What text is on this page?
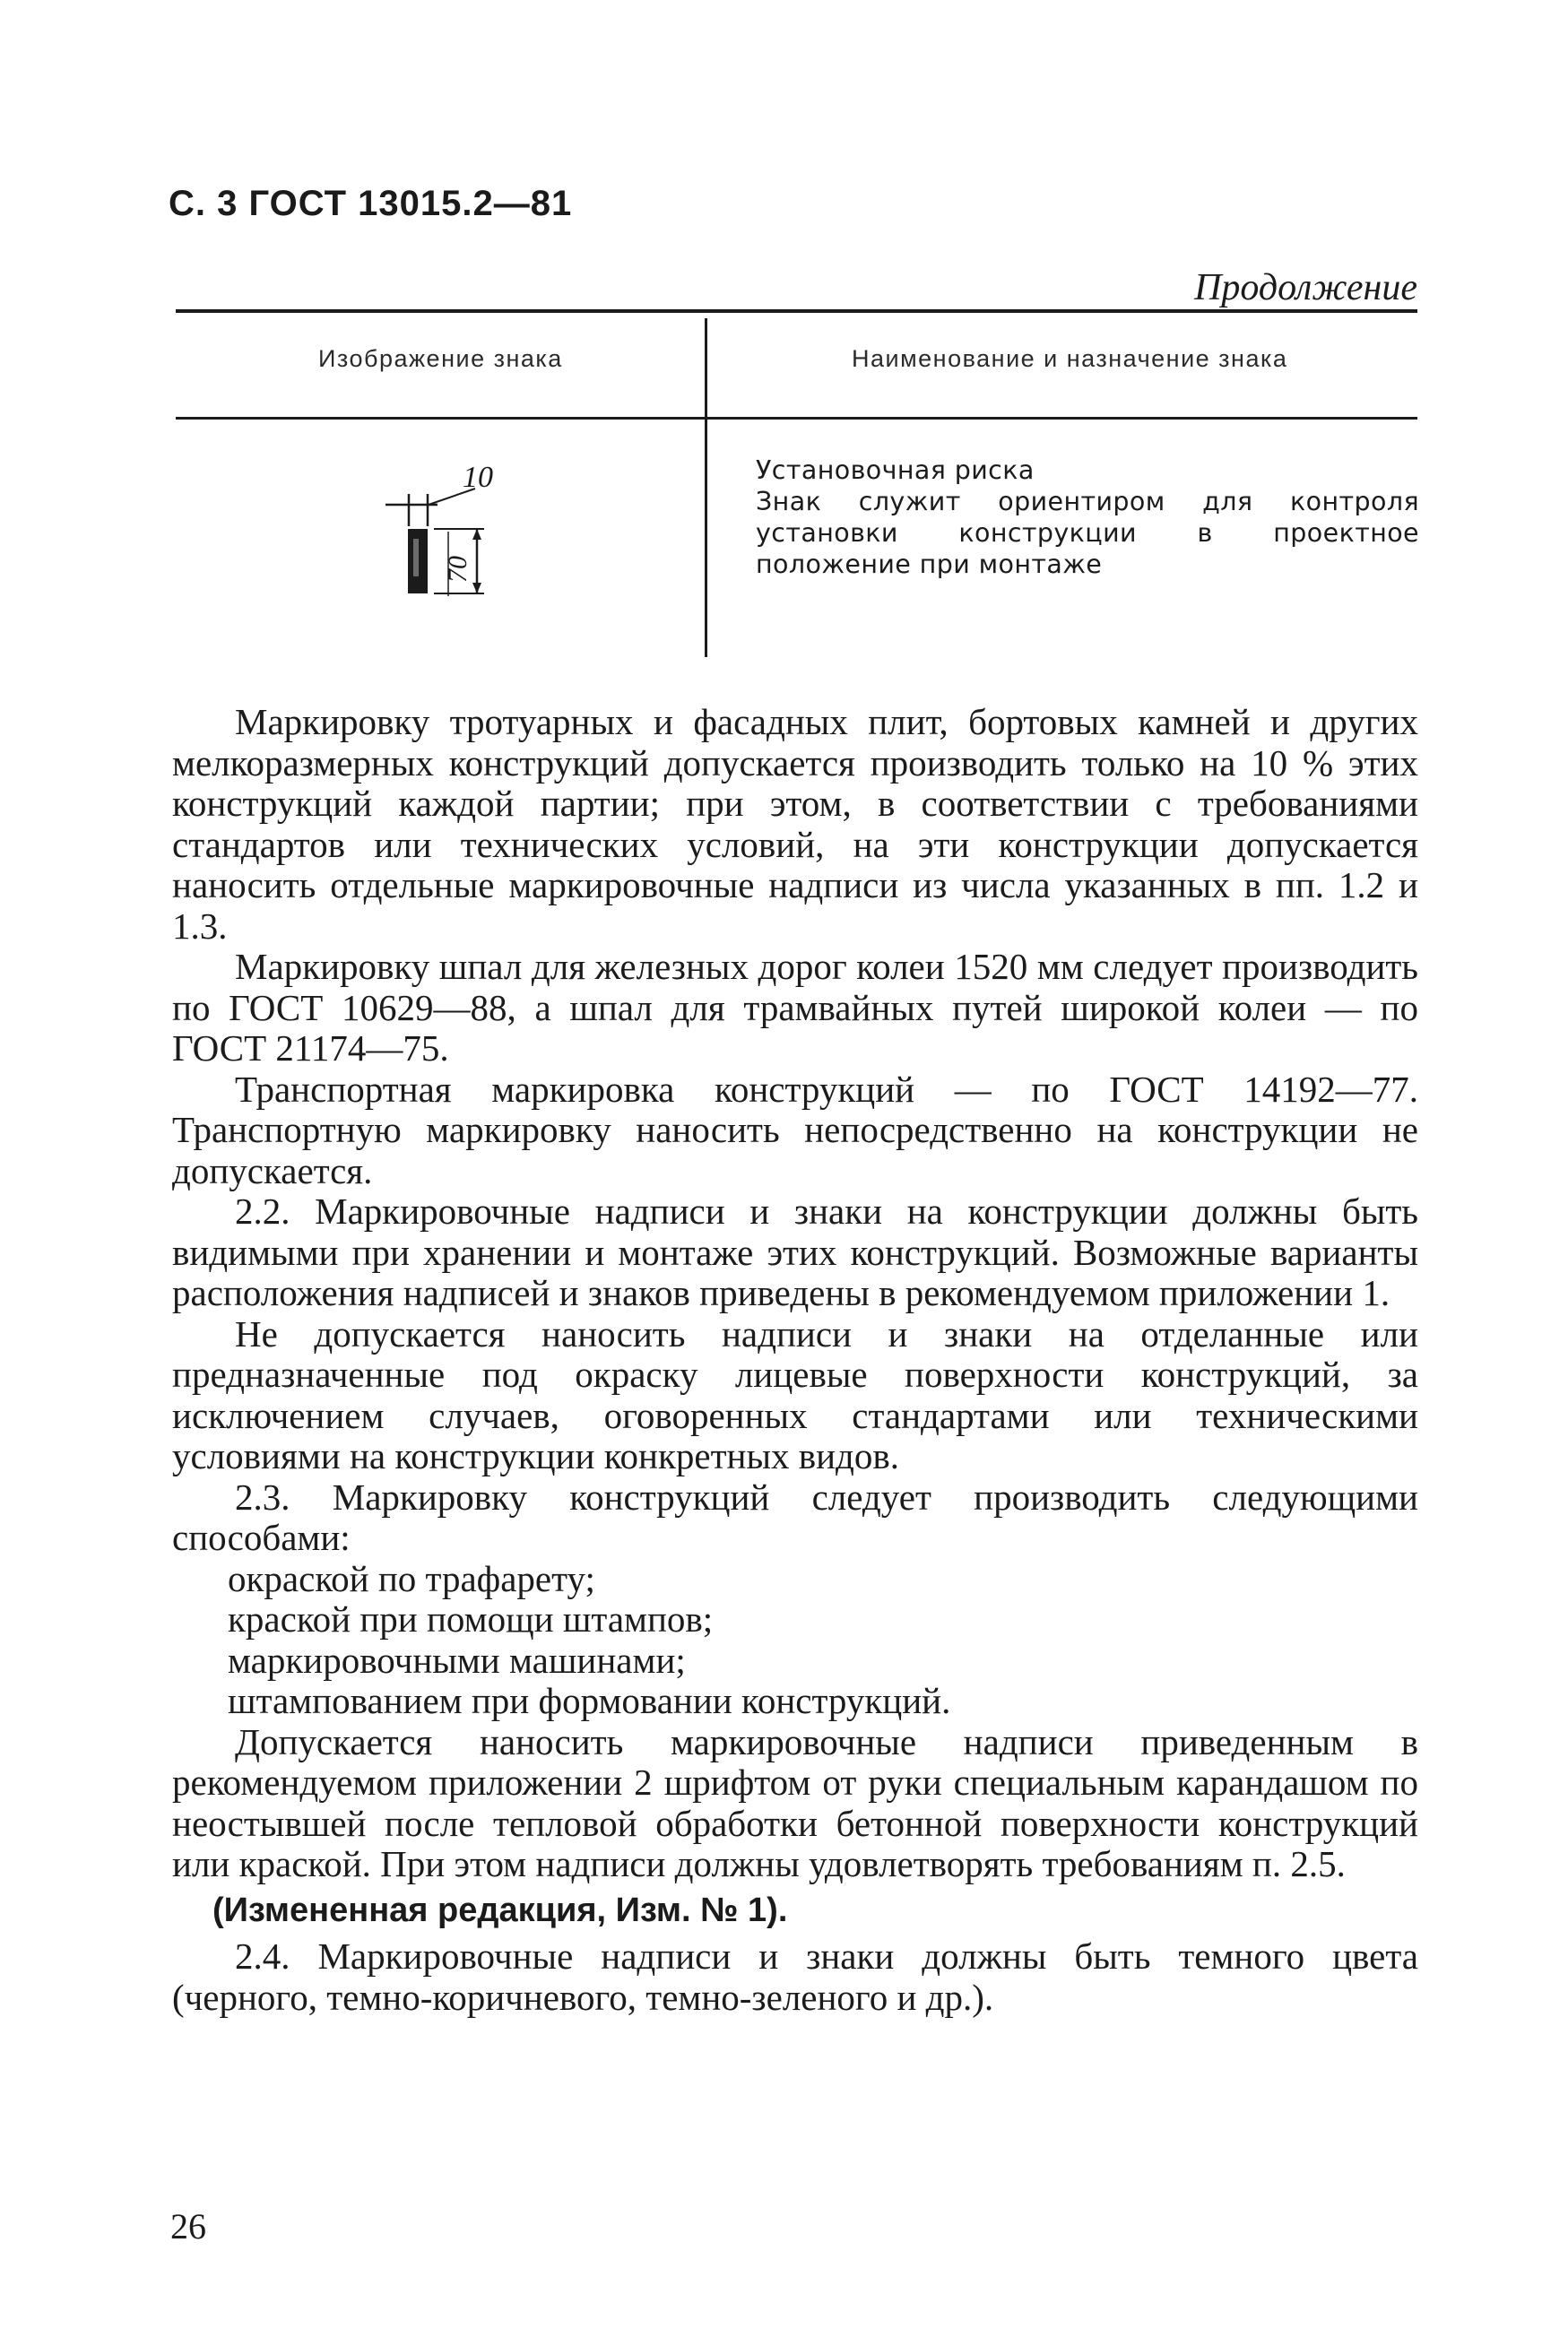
С. 3 ГОСТ 13015.2—81
Продолжение
Изображение знака	Наименование и назначение знака
10
70

Установочная риска

Знак служит ориентиром для контроля установки конструкции в проектное положение при монтаже

Маркировку тротуарных и фасадных плит, бортовых камней и других мелкоразмерных конструкций допускается производить только на 10 % этих конструкций каждой партии; при этом, в соответствии с требованиями стандартов или технических условий, на эти конструкции допускается наносить отдельные маркировочные надписи из числа указанных в пп. 1.2 и 1.3.

Маркировку шпал для железных дорог колеи 1520 мм следует производить по ГОСТ 10629—88, а шпал для трамвайных путей широкой колеи — по ГОСТ 21174—75.

Транспортная маркировка конструкций — по ГОСТ 14192—77. Транспортную маркировку наносить непосредственно на конструкции не допускается.

2.2. Маркировочные надписи и знаки на конструкции должны быть видимыми при хранении и монтаже этих конструкций. Возможные варианты расположения надписей и знаков приведены в рекомендуемом приложении 1.

Не допускается наносить надписи и знаки на отделанные или предназначенные под окраску лицевые поверхности конструкций, за исключением случаев, оговоренных стандартами или техническими условиями на конструкции конкретных видов.

2.3. Маркировку конструкций следует производить следующими способами:

окраской по трафарету;

краской при помощи штампов;

маркировочными машинами;

штампованием при формовании конструкций.

Допускается наносить маркировочные надписи приведенным в рекомендуемом приложении 2 шрифтом от руки специальным карандашом по неостывшей после тепловой обработки бетонной поверхности конструкций или краской. При этом надписи должны удовлетворять требованиям п. 2.5.

(Измененная редакция, Изм. № 1).

2.4. Маркировочные надписи и знаки должны быть темного цвета (черного, темно-коричневого, темно-зеленого и др.).

26
